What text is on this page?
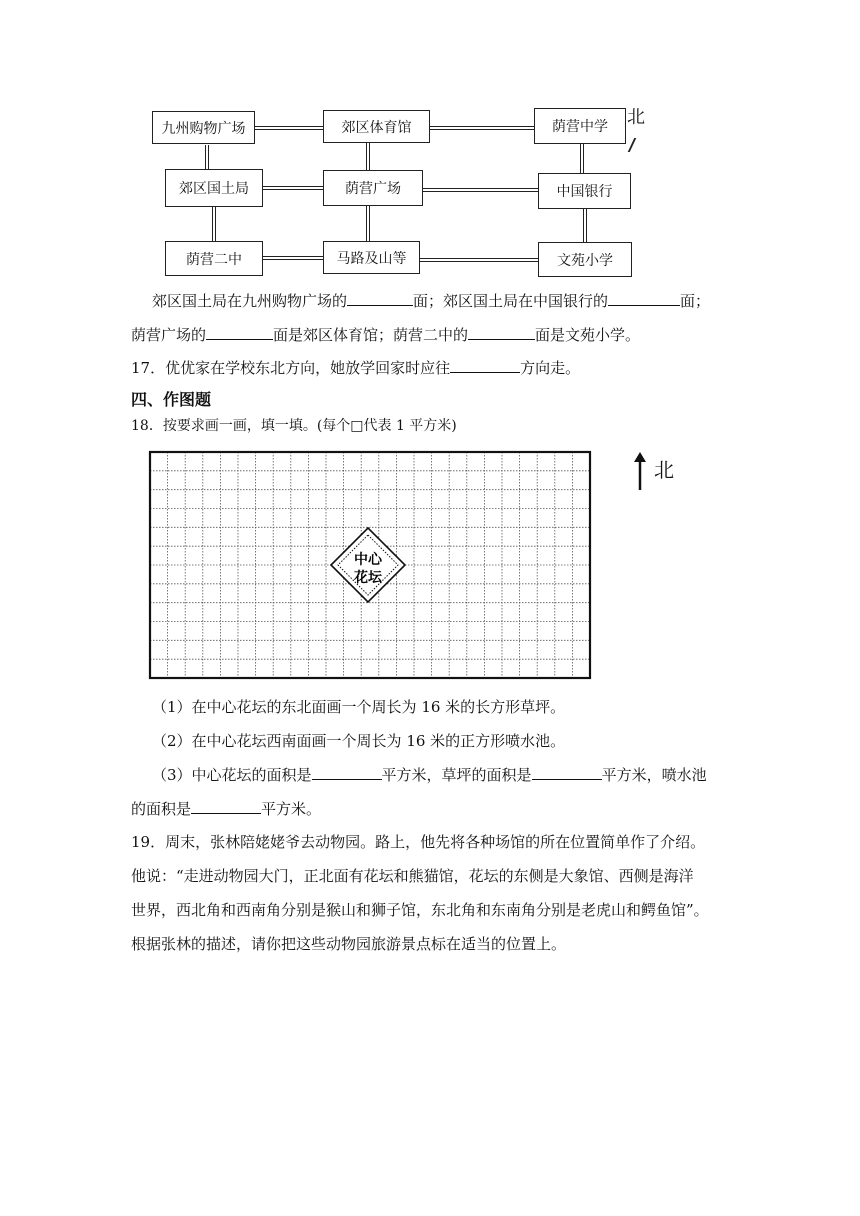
九州购物广场	郊区体育馆	荫营中学
郊区国土局	荫营广场	中国银行
荫营二中	马路及山等	文苑小学
北
郊区国土局在九州购物广场的	面；郊区国土局在中国银行的	面；
荫营广场的	面是郊区体育馆；荫营二中的	面是文苑小学。
17．优优家在学校东北方向，她放学回家时应往	方向走。
四、作图题
18．按要求画一画，填一填。(每个□代表 1 平方米)
中心
花坛
北
（1）在中心花坛的东北面画一个周长为 16 米的长方形草坪。
（2）在中心花坛西南面画一个周长为 16 米的正方形喷水池。
（3）中心花坛的面积是	平方米，草坪的面积是	平方米，喷水池
的面积是	平方米。
19．周末，张林陪姥姥爷去动物园。路上，他先将各种场馆的所在位置简单作了介绍。
他说：“走进动物园大门，正北面有花坛和熊猫馆，花坛的东侧是大象馆、西侧是海洋
世界，西北角和西南角分别是猴山和狮子馆，东北角和东南角分别是老虎山和鳄鱼馆”。
根据张林的描述，请你把这些动物园旅游景点标在适当的位置上。
